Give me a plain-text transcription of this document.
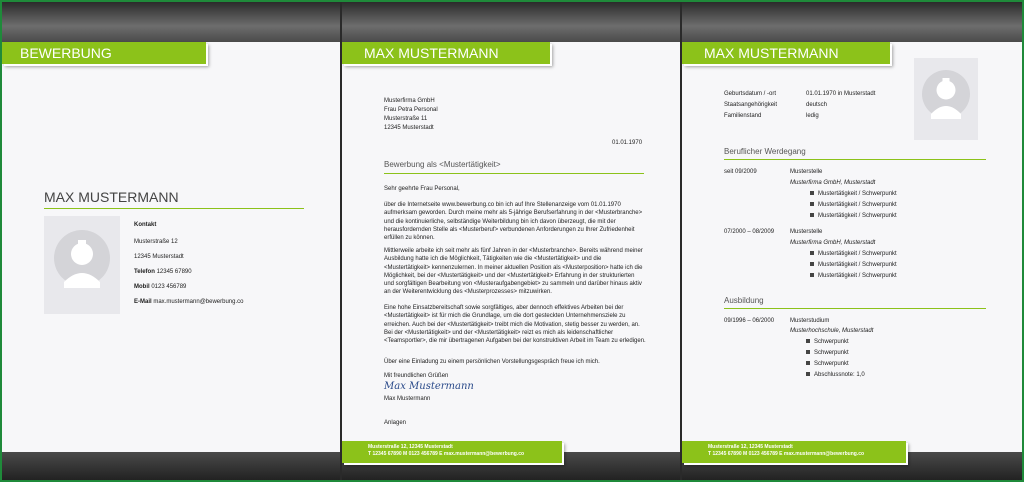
BEWERBUNG
MAX MUSTERMANN
Kontakt
Musterstraße 12
12345 Musterstadt
Telefon 12345 67890
Mobil 0123 456789
E-Mail max.mustermann@bewerbung.co
MAX MUSTERMANN
Musterfirma GmbH
Frau Petra Personal
Musterstraße 11
12345 Musterstadt
01.01.1970
Bewerbung als <Mustertätigkeit>
Sehr geehrte Frau Personal,
über die Internetseite www.bewerbung.co bin ich auf Ihre Stellenanzeige vom 01.01.1970 aufmerksam geworden. Durch meine mehr als 5-jährige Berufserfahrung in der <Musterbranche> und die kontinuierliche, selbständige Weiterbildung bin ich davon überzeugt, die mit der herausfordernden Stelle als <Musterberuf> verbundenen Anforderungen zu Ihrer Zufriedenheit erfüllen zu können.
Mittlerweile arbeite ich seit mehr als fünf Jahren in der <Musterbranche>. Bereits während meiner Ausbildung hatte ich die Möglichkeit, Tätigkeiten wie die <Mustertätigkeit> und die <Mustertätigkeit> kennenzulernen. In meiner aktuellen Position als <Musterposition> hatte ich die Möglichkeit, bei der <Mustertätigkeit> und der <Mustertätigkeit> Erfahrung in der strukturierten und sorgfältigen Bearbeitung von <Musteraufgabengebiet> zu sammeln und darüber hinaus aktiv an der Weiterentwicklung des <Musterprozesses> mitzuwirken.
Eine hohe Einsatzbereitschaft sowie sorgfältiges, aber dennoch effektives Arbeiten bei der <Mustertätigkeit> ist für mich die Grundlage, um die dort gesteckten Unternehmensziele zu erreichen. Auch bei der <Mustertätigkeit> treibt mich die Motivation, stetig besser zu werden, an. Bei der <Mustertätigkeit> und der <Mustertätigkeit> reizt es mich als leidenschaftlicher <Teamsportler>, die mir übertragenen Aufgaben bei der konstruktiven Arbeit im Team zu erledigen.
Über eine Einladung zu einem persönlichen Vorstellungsgespräch freue ich mich.
Mit freundlichen Grüßen
Max Mustermann
Max Mustermann
Anlagen
Musterstraße 12, 12345 Musterstadt
T 12345 67890 M 0123 456789 E max.mustermann@bewerbung.co
MAX MUSTERMANN
Geburtsdatum / -ort	01.01.1970 in Musterstadt
Staatsangehörigkeit	deutsch
Familienstand	ledig
Beruflicher Werdegang
seit 09/2009	Musterstelle
Musterfirma GmbH, Musterstadt
Mustertätigkeit / Schwerpunkt
Mustertätigkeit / Schwerpunkt
Mustertätigkeit / Schwerpunkt
07/2000 – 08/2009	Musterstelle
Musterfirma GmbH, Musterstadt
Mustertätigkeit / Schwerpunkt
Mustertätigkeit / Schwerpunkt
Mustertätigkeit / Schwerpunkt
Ausbildung
09/1996 – 06/2000	Musterstudium
Musterhochschule, Musterstadt
Schwerpunkt
Schwerpunkt
Schwerpunkt
Abschlussnote: 1,0
Musterstraße 12, 12345 Musterstadt
T 12345 67890 M 0123 456789 E max.mustermann@bewerbung.co
